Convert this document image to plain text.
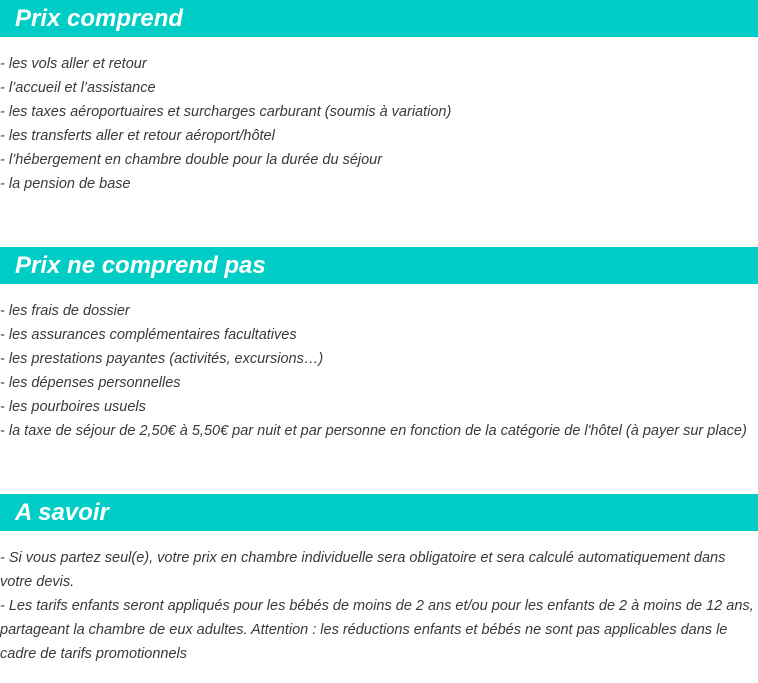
Prix comprend
- les vols aller et retour
- l’accueil et l’assistance
- les taxes aéroportuaires et surcharges carburant (soumis à variation)
- les transferts aller et retour aéroport/hôtel
- l’hébergement en chambre double pour la durée du séjour
- la pension de base
Prix ne comprend pas
- les frais de dossier
- les assurances complémentaires facultatives
- les prestations payantes (activités, excursions…)
- les dépenses personnelles
- les pourboires usuels
- la taxe de séjour de 2,50€ à 5,50€ par nuit et par personne en fonction de la catégorie de l'hôtel (à payer sur place)
A savoir

- Si vous partez seul(e), votre prix en chambre individuelle sera obligatoire et sera calculé automatiquement dans votre devis.

- Les tarifs enfants seront appliqués pour les bébés de moins de 2 ans et/ou pour les enfants de 2 à moins de 12 ans, partageant la chambre de eux adultes. Attention : les réductions enfants et bébés ne sont pas applicables dans le cadre de tarifs promotionnels
